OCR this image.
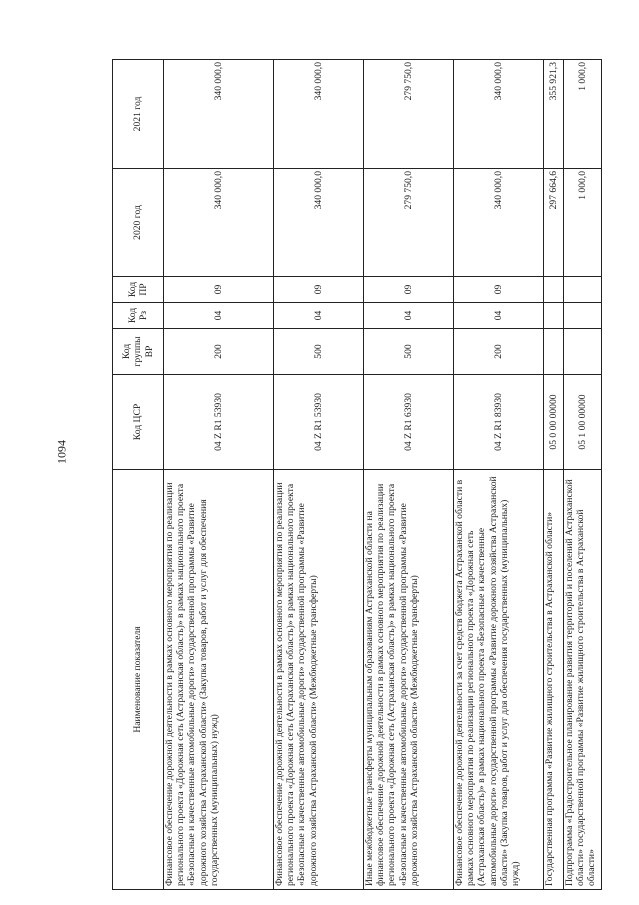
1094
Наименование показателя	Код ЦСР	Код группы ВР	Код Рз	Код ПР	2020 год	2021 год
Финансовое обеспечение дорожной деятельности в рамках основного мероприятия по реализации регионального проекта «Дорожная сеть (Астраханская область)» в рамках национального проекта «Безопасные и качественные автомобильные дороги» государственной программы «Развитие дорожного хозяйства Астраханской области» (Закупка товаров, работ и услуг для обеспечения государственных (муниципальных) нужд)	04 Z R1 53930	200	04	09	340 000,0	340 000,0
Финансовое обеспечение дорожной деятельности в рамках основного мероприятия по реализации регионального проекта «Дорожная сеть (Астраханская область)» в рамках национального проекта «Безопасные и качественные автомобильные дороги» государственной программы «Развитие дорожного хозяйства Астраханской области» (Межбюджетные трансферты)	04 Z R1 53930	500	04	09	340 000,0	340 000,0
Иные межбюджетные трансферты муниципальным образованиям Астраханской области на финансовое обеспечение дорожной деятельности в рамках основного мероприятия по реализации регионального проекта «Дорожная сеть (Астраханская область)» в рамках национального проекта «Безопасные и качественные автомобильные дороги» государственной программы «Развитие дорожного хозяйства Астраханской области» (Межбюджетные трансферты)	04 Z R1 63930	500	04	09	279 750,0	279 750,0
Финансовое обеспечение дорожной деятельности за счет средств бюджета Астраханской области в рамках основного мероприятия по реализации регионального проекта «Дорожная сеть (Астраханская область)» в рамках национального проекта «Безопасные и качественные автомобильные дороги» государственной программы «Развитие дорожного хозяйства Астраханской области» (Закупка товаров, работ и услуг для обеспечения государственных (муниципальных) нужд)	04 Z R1 83930	200	04	09	340 000,0	340 000,0
Государственная программа «Развитие жилищного строительства в Астраханской области»	05 0 00 00000				297 664,6	355 921,3
Подпрограмма «Градостроительное планирование развития территорий и поселений Астраханской области» государственной программы «Развитие жилищного строительства в Астраханской области»	05 1 00 00000				1 000,0	1 000,0
